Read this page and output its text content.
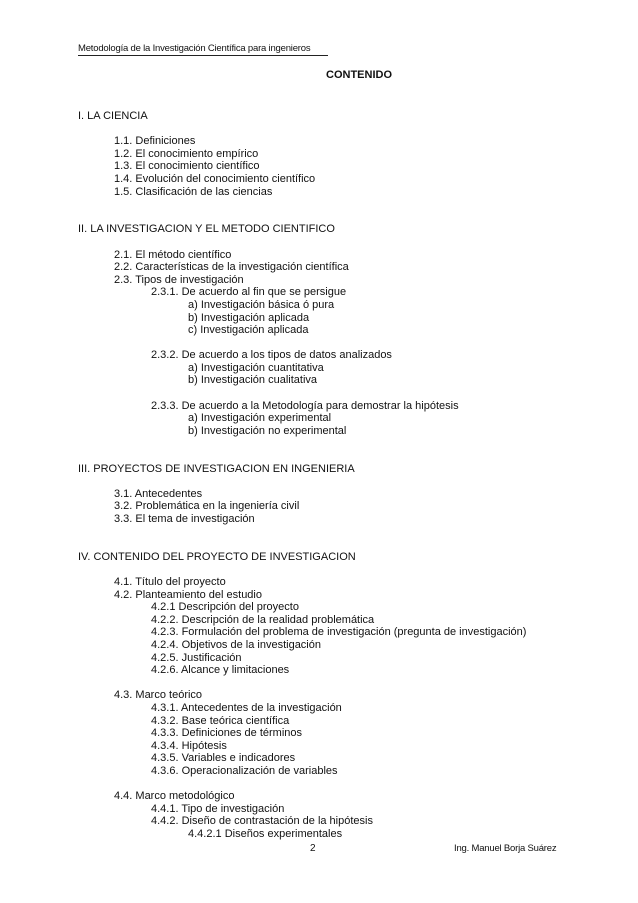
Metodología de la Investigación Científica para ingenieros
CONTENIDO
I. LA CIENCIA
1.1. Definiciones
1.2. El conocimiento empírico
1.3. El conocimiento científico
1.4. Evolución del conocimiento científico
1.5. Clasificación de las ciencias
II. LA INVESTIGACION Y EL METODO CIENTIFICO
2.1. El método científico
2.2. Características de la investigación científica
2.3. Tipos de investigación
2.3.1. De acuerdo al fin que se persigue
a) Investigación básica ó pura
b) Investigación aplicada
c) Investigación aplicada
2.3.2. De acuerdo a los tipos de datos analizados
a) Investigación cuantitativa
b) Investigación cualitativa
2.3.3. De acuerdo a la Metodología para demostrar la hipótesis
a) Investigación experimental
b) Investigación no experimental
III. PROYECTOS DE INVESTIGACION EN INGENIERIA
3.1. Antecedentes
3.2. Problemática en la ingeniería civil
3.3. El tema de investigación
IV. CONTENIDO DEL PROYECTO DE INVESTIGACION
4.1. Título del proyecto
4.2. Planteamiento del estudio
4.2.1 Descripción del proyecto
4.2.2. Descripción de la realidad problemática
4.2.3. Formulación del problema de investigación (pregunta de investigación)
4.2.4. Objetivos de la investigación
4.2.5. Justificación
4.2.6. Alcance y limitaciones
4.3. Marco teórico
4.3.1. Antecedentes de la investigación
4.3.2. Base teórica científica
4.3.3. Definiciones de términos
4.3.4. Hipótesis
4.3.5. Variables e indicadores
4.3.6. Operacionalización de variables
4.4. Marco metodológico
4.4.1. Tipo de investigación
4.4.2. Diseño de contrastación de la hipótesis
4.4.2.1 Diseños experimentales
2	Ing. Manuel Borja Suárez
